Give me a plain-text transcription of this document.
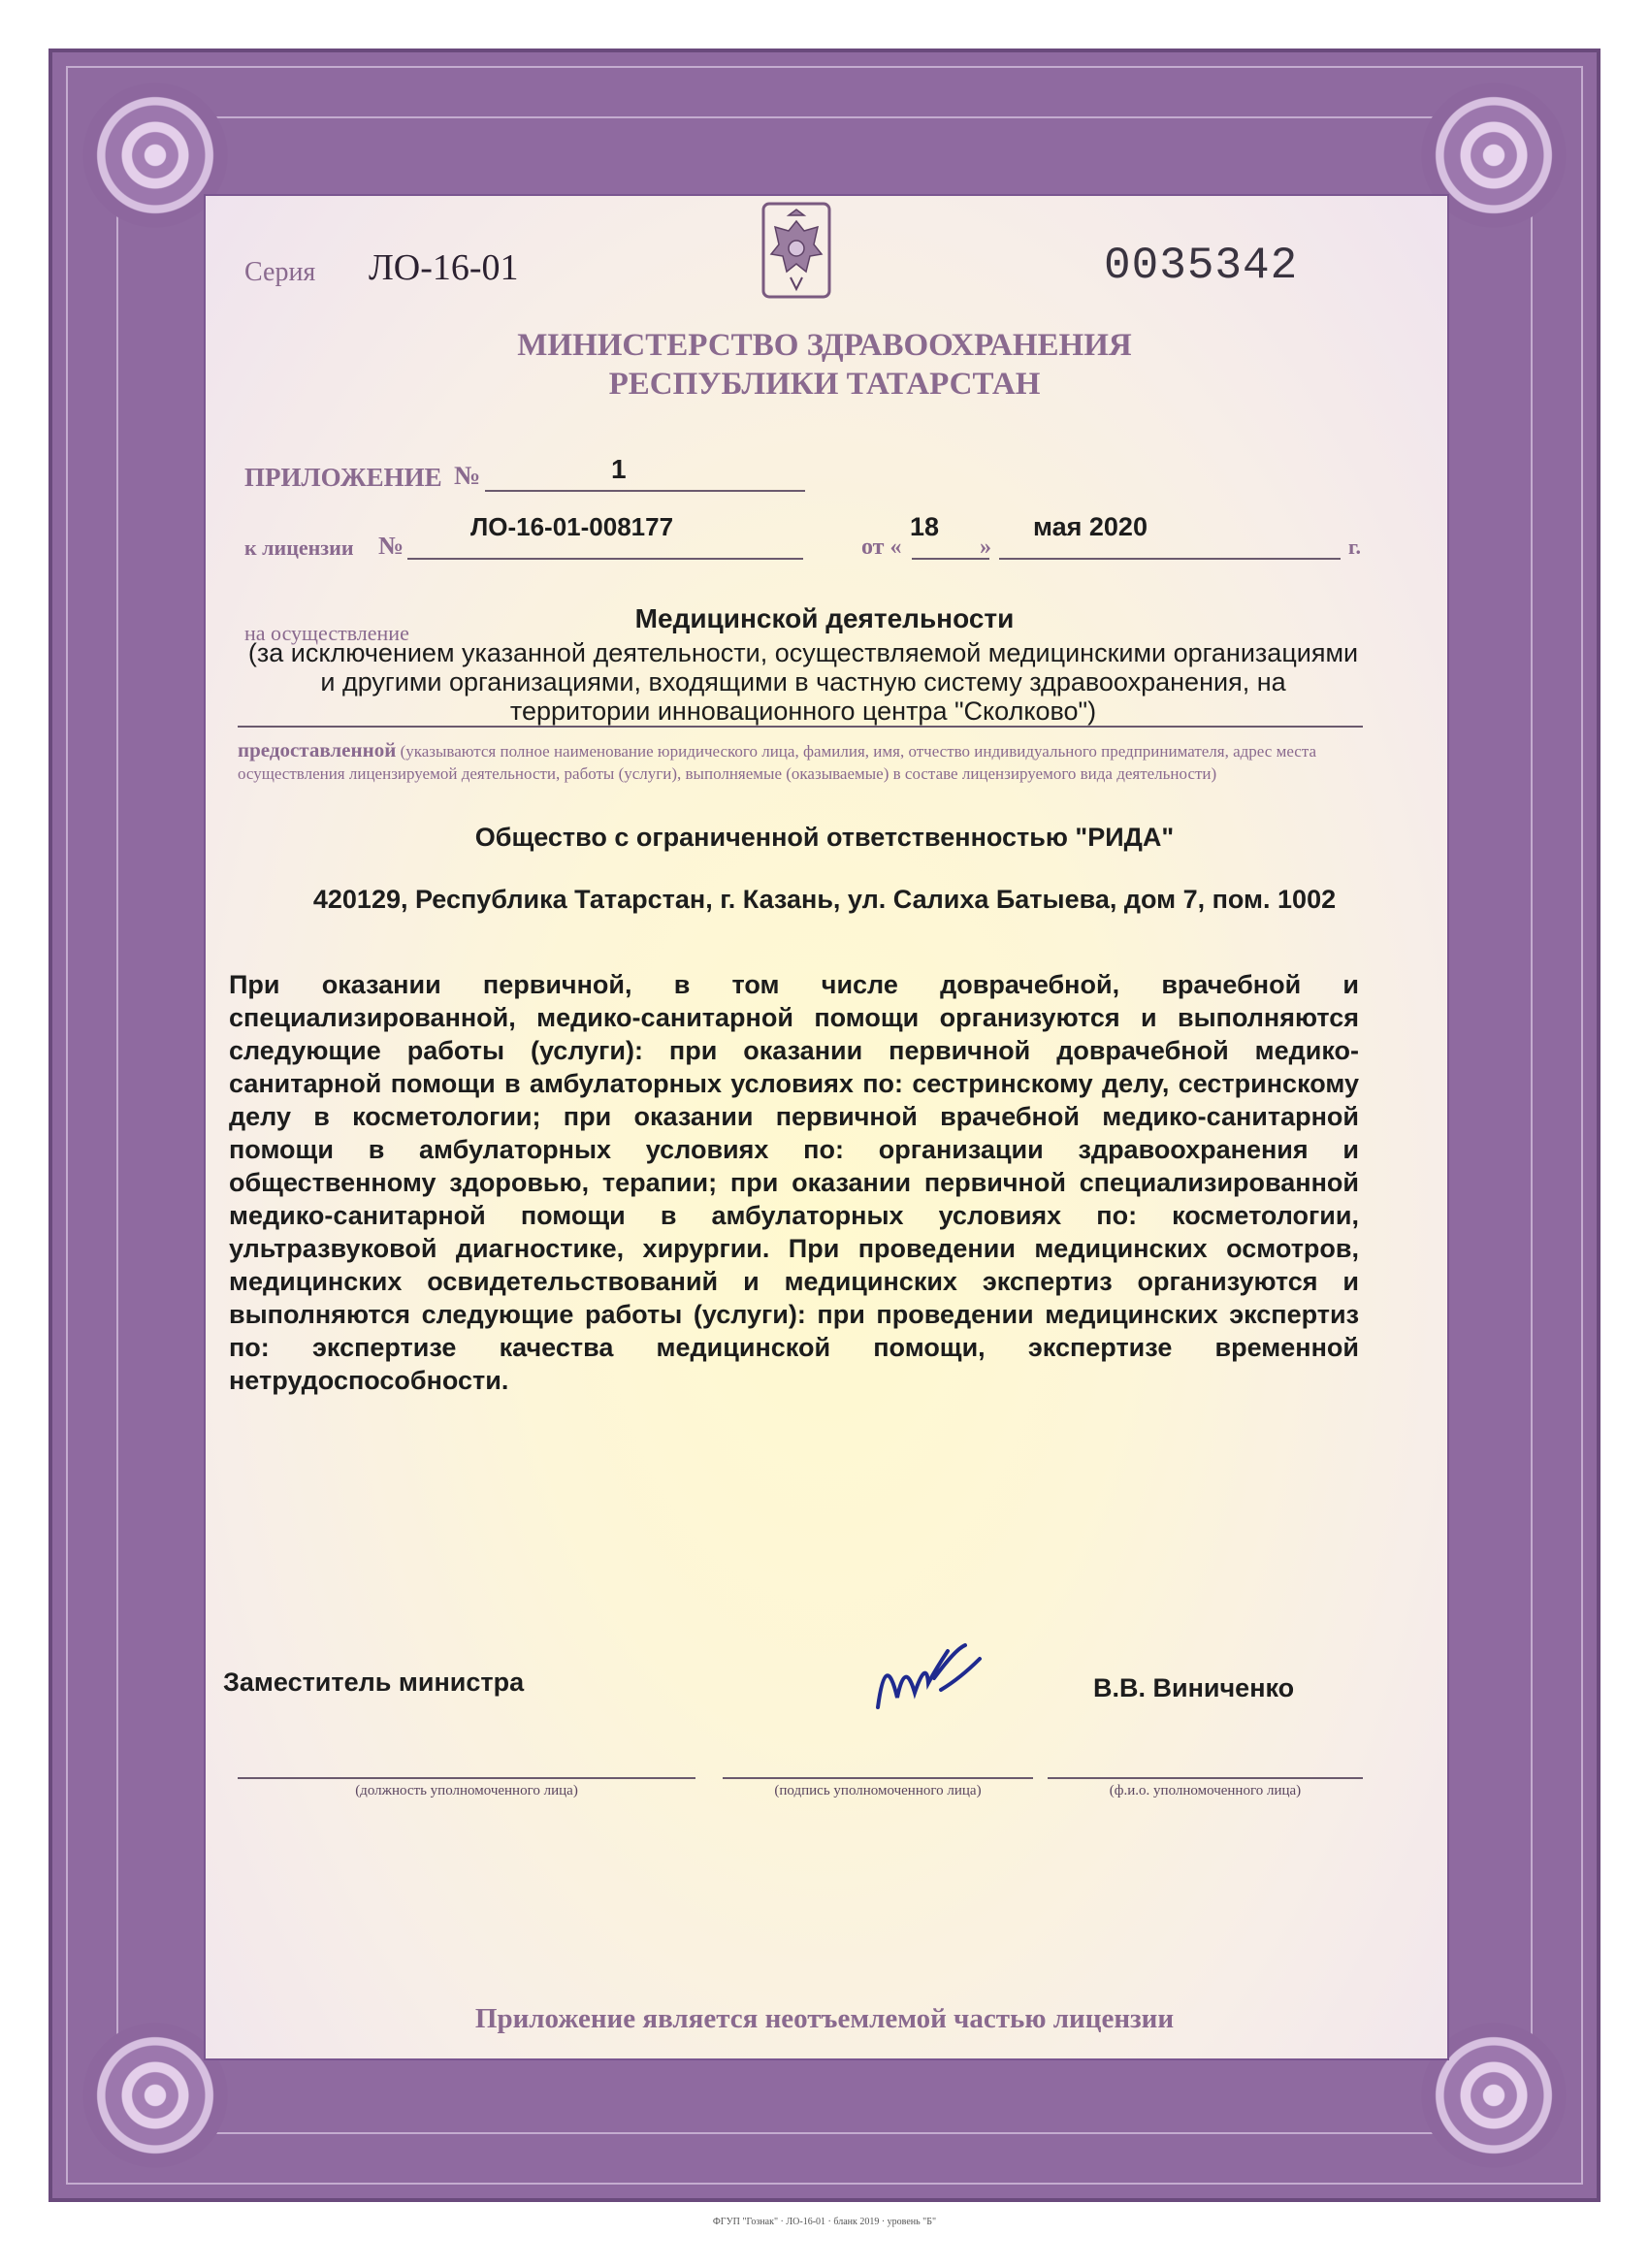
Серия ЛО-16-01	0035342
МИНИСТЕРСТВО ЗДРАВООХРАНЕНИЯ
РЕСПУБЛИКИ ТАТАРСТАН
ПРИЛОЖЕНИЕ №	1
к лицензии №
ЛО-16-01-008177
от «
18
»
мая 2020
г.
на осуществление	Медицинской деятельности
(за исключением указанной деятельности, осуществляемой медицинскими организациями
и другими организациями, входящими в частную систему здравоохранения, на
территории инновационного центра "Сколково")
предоставленной (указываются полное наименование юридического лица, фамилия, имя, отчество индивидуального предпринимателя, адрес места осуществления лицензируемой деятельности, работы (услуги), выполняемые (оказываемые) в составе лицензируемого вида деятельности)
Общество с ограниченной ответственностью "РИДА"
420129, Республика Татарстан, г. Казань, ул. Салиха Батыева, дом 7, пом. 1002
При оказании первичной, в том числе доврачебной, врачебной и специализированной, медико-санитарной помощи организуются и выполняются следующие работы (услуги): при оказании первичной доврачебной медико-санитарной помощи в амбулаторных условиях по: сестринскому делу, сестринскому делу в косметологии; при оказании первичной врачебной медико-санитарной помощи в амбулаторных условиях по: организации здравоохранения и общественному здоровью, терапии; при оказании первичной специализированной медико-санитарной помощи в амбулаторных условиях по: косметологии, ультразвуковой диагностике, хирургии. При проведении медицинских осмотров, медицинских освидетельствований и медицинских экспертиз организуются и выполняются следующие работы (услуги): при проведении медицинских экспертиз по: экспертизе качества медицинской помощи, экспертизе временной нетрудоспособности.
Заместитель министра	В.В. Виниченко
(должность уполномоченного лица)	(подпись уполномоченного лица)	(ф.и.о. уполномоченного лица)
Приложение является неотъемлемой частью лицензии
ФГУП "Гознак" · ЛО-16-01 · бланк 2019 · уровень "Б"
